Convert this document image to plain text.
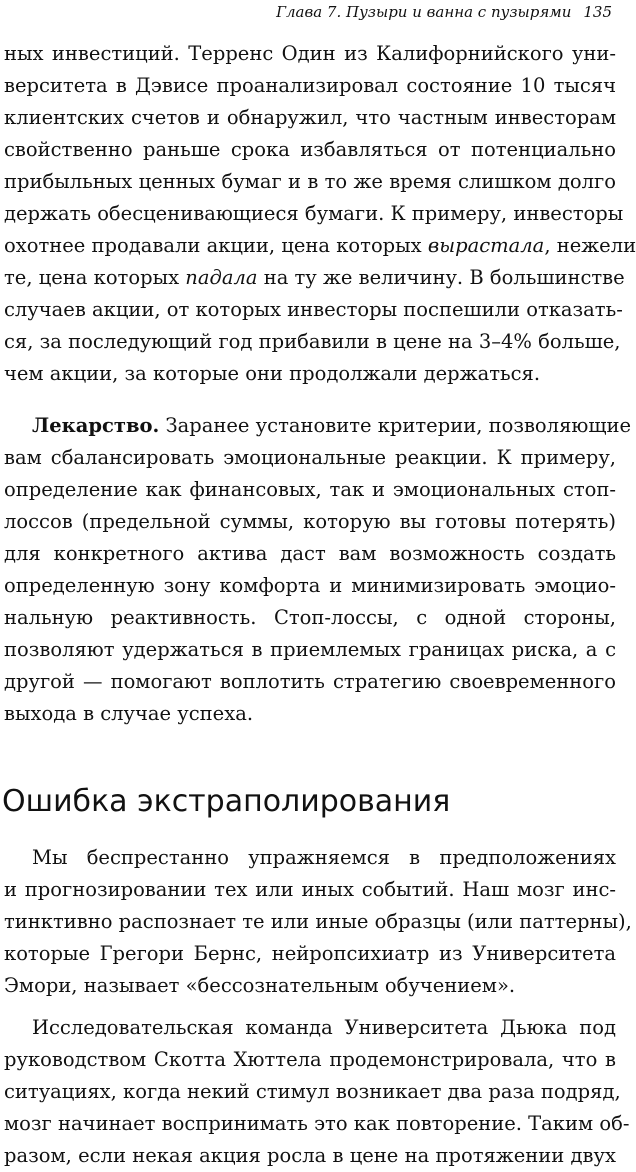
Глава 7. Пузыри и ванна с пузырями 135
ных инвестиций. Терренс Один из Калифорнийского уни-
верситета в Дэвисе проанализировал состояние 10 тысяч
клиентских счетов и обнаружил, что частным инвесторам
свойственно раньше срока избавляться от потенциально
прибыльных ценных бумаг и в то же время слишком долго
держать обесценивающиеся бумаги. К примеру, инвесторы
охотнее продавали акции, цена которых вырастала, нежели
те, цена которых падала на ту же величину. В большинстве
случаев акции, от которых инвесторы поспешили отказать-
ся, за последующий год прибавили в цене на 3–4% больше,
чем акции, за которые они продолжали держаться.
Лекарство. Заранее установите критерии, позволяющие
вам сбалансировать эмоциональные реакции. К примеру,
определение как финансовых, так и эмоциональных стоп-
лоссов (предельной суммы, которую вы готовы потерять)
для конкретного актива даст вам возможность создать
определенную зону комфорта и минимизировать эмоцио-
нальную реактивность. Стоп-лоссы, с одной стороны,
позволяют удержаться в приемлемых границах риска, а с
другой — помогают воплотить стратегию своевременного
выхода в случае успеха.
Ошибка экстраполирования
Мы беспрестанно упражняемся в предположениях
и прогнозировании тех или иных событий. Наш мозг инс-
тинктивно распознает те или иные образцы (или паттерны),
которые Грегори Бернс, нейропсихиатр из Университета
Эмори, называет «бессознательным обучением».
Исследовательская команда Университета Дьюка под
руководством Скотта Хюттела продемонстрировала, что в
ситуациях, когда некий стимул возникает два раза подряд,
мозг начинает воспринимать это как повторение. Таким об-
разом, если некая акция росла в цене на протяжении двух
